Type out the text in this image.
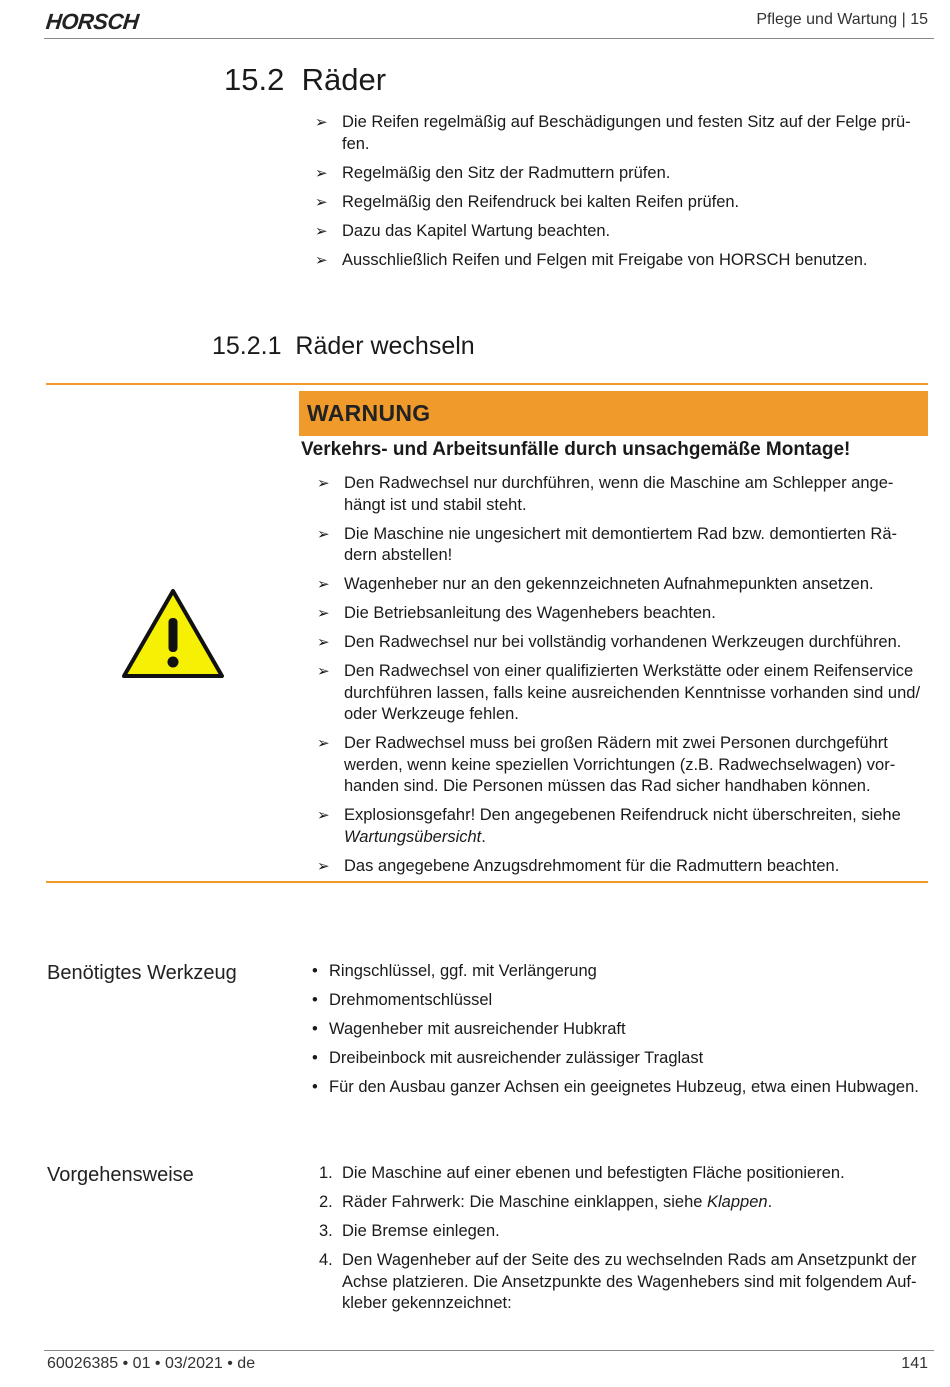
HORSCH	Pflege und Wartung | 15
15.2 Räder
➢ Die Reifen regelmäßig auf Beschädigungen und festen Sitz auf der Felge prü-
fen.
➢ Regelmäßig den Sitz der Radmuttern prüfen.
➢ Regelmäßig den Reifendruck bei kalten Reifen prüfen.
➢ Dazu das Kapitel Wartung beachten.
➢ Ausschließlich Reifen und Felgen mit Freigabe von HORSCH benutzen.
15.2.1 Räder wechseln
WARNUNG
Verkehrs- und Arbeitsunfälle durch unsachgemäße Montage!
➢ Den Radwechsel nur durchführen, wenn die Maschine am Schlepper ange-
hängt ist und stabil steht.
➢ Die Maschine nie ungesichert mit demontiertem Rad bzw. demontierten Rä-
dern abstellen!
➢ Wagenheber nur an den gekennzeichneten Aufnahmepunkten ansetzen.
➢ Die Betriebsanleitung des Wagenhebers beachten.
➢ Den Radwechsel nur bei vollständig vorhandenen Werkzeugen durchführen.
➢ Den Radwechsel von einer qualifizierten Werkstätte oder einem Reifenservice
durchführen lassen, falls keine ausreichenden Kenntnisse vorhanden sind und/
oder Werkzeuge fehlen.
➢ Der Radwechsel muss bei großen Rädern mit zwei Personen durchgeführt
werden, wenn keine speziellen Vorrichtungen (z.B. Radwechselwagen) vor-
handen sind. Die Personen müssen das Rad sicher handhaben können.
➢ Explosionsgefahr! Den angegebenen Reifendruck nicht überschreiten, siehe
Wartungsübersicht.
➢ Das angegebene Anzugsdrehmoment für die Radmuttern beachten.
Benötigtes Werkzeug	• Ringschlüssel, ggf. mit Verlängerung
• Drehmomentschlüssel
• Wagenheber mit ausreichender Hubkraft
• Dreibeinbock mit ausreichender zulässiger Traglast
• Für den Ausbau ganzer Achsen ein geeignetes Hubzeug, etwa einen Hubwagen.
Vorgehensweise	1. Die Maschine auf einer ebenen und befestigten Fläche positionieren.
2. Räder Fahrwerk: Die Maschine einklappen, siehe Klappen.
3. Die Bremse einlegen.
4. Den Wagenheber auf der Seite des zu wechselnden Rads am Ansetzpunkt der
Achse platzieren. Die Ansetzpunkte des Wagenhebers sind mit folgendem Auf-
kleber gekennzeichnet:
60026385 • 01 • 03/2021 • de	141
